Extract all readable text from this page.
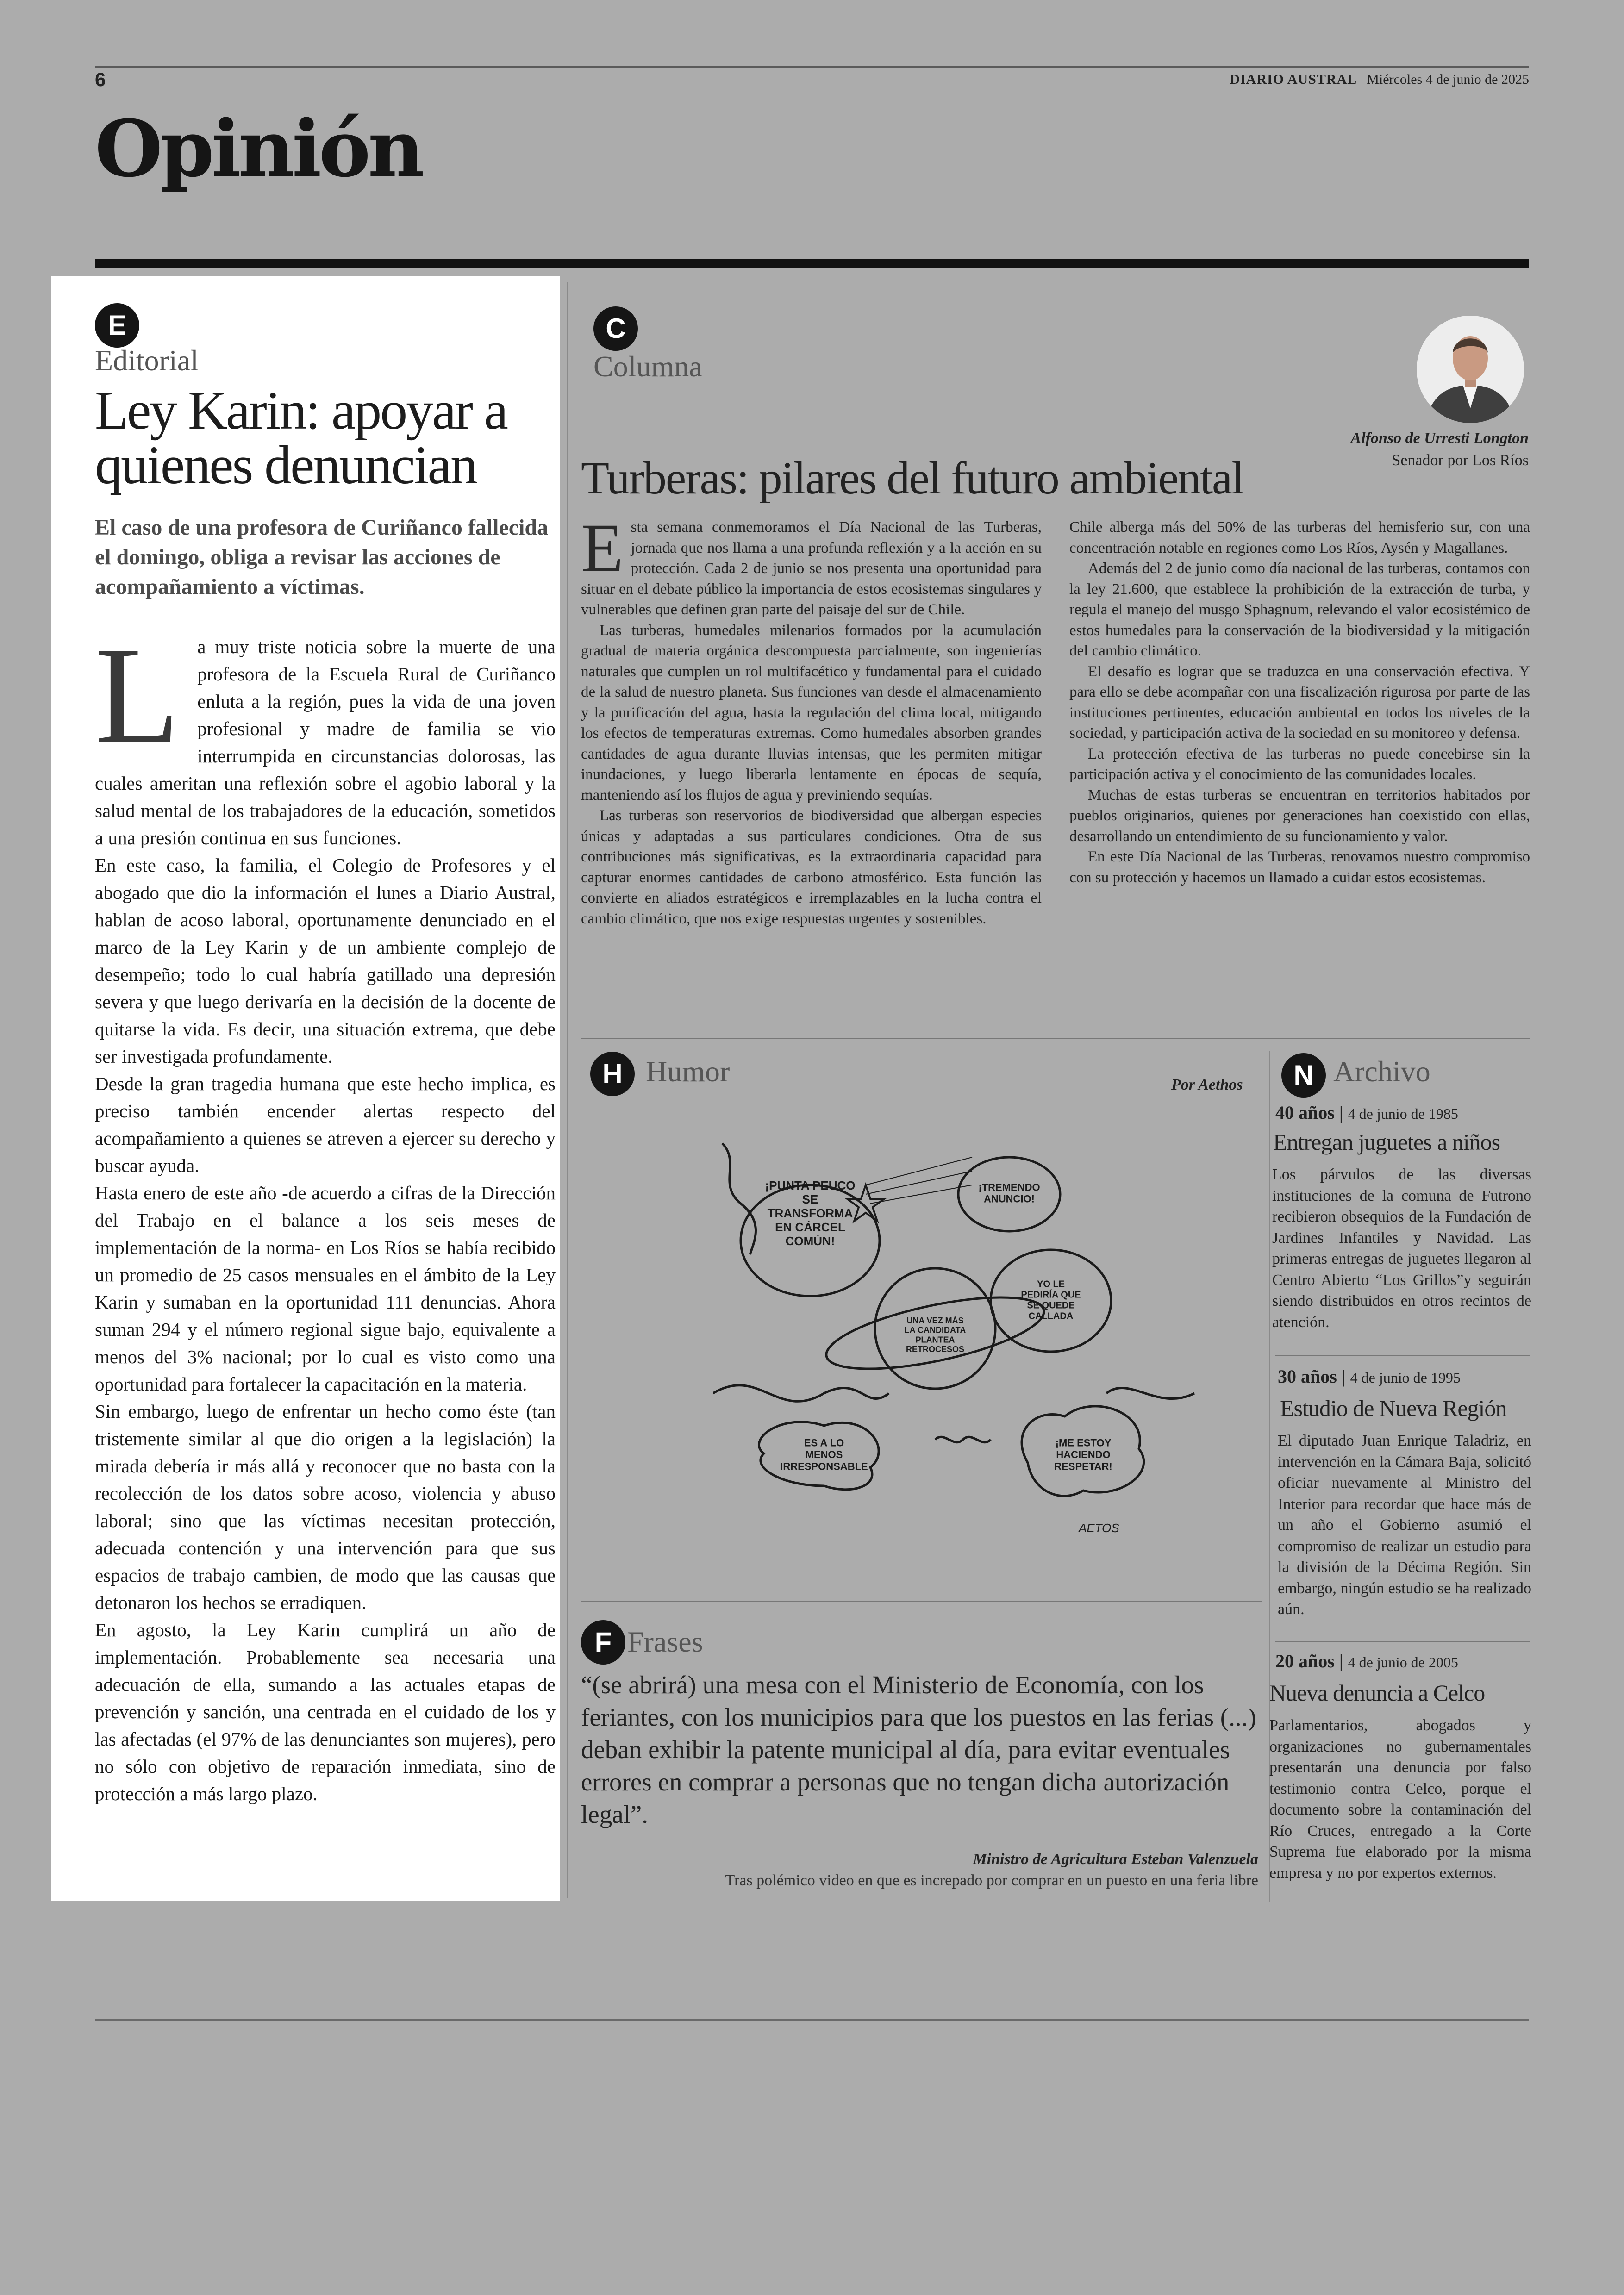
6	DIARIO AUSTRAL | Miércoles 4 de junio de 2025
Opinión
E
Editorial
Ley Karin: apoyar a quienes denuncian
El caso de una profesora de Curiñanco fallecida el domingo, obliga a revisar las acciones de acompañamiento a víctimas.
L a muy triste noticia sobre la muerte de una profesora de la Escuela Rural de Curiñanco enluta a la región, pues la vida de una joven profesional y madre de familia se vio interrumpida en circunstancias dolorosas, las cuales ameritan una reflexión sobre el agobio laboral y la salud mental de los trabajadores de la educación, sometidos a una presión continua en sus funciones.

En este caso, la familia, el Colegio de Profesores y el abogado que dio la información el lunes a Diario Austral, hablan de acoso laboral, oportunamente denunciado en el marco de la Ley Karin y de un ambiente complejo de desempeño; todo lo cual habría gatillado una depresión severa y que luego derivaría en la decisión de la docente de quitarse la vida. Es decir, una situación extrema, que debe ser investigada profundamente.

Desde la gran tragedia humana que este hecho implica, es preciso también encender alertas respecto del acompañamiento a quienes se atreven a ejercer su derecho y buscar ayuda.

Hasta enero de este año -de acuerdo a cifras de la Dirección del Trabajo en el balance a los seis meses de implementación de la norma- en Los Ríos se había recibido un promedio de 25 casos mensuales en el ámbito de la Ley Karin y sumaban en la oportunidad 111 denuncias. Ahora suman 294 y el número regional sigue bajo, equivalente a menos del 3% nacional; por lo cual es visto como una oportunidad para fortalecer la capacitación en la materia.

Sin embargo, luego de enfrentar un hecho como éste (tan tristemente similar al que dio origen a la legislación) la mirada debería ir más allá y reconocer que no basta con la recolección de los datos sobre acoso, violencia y abuso laboral; sino que las víctimas necesitan protección, adecuada contención y una intervención para que sus espacios de trabajo cambien, de modo que las causas que detonaron los hechos se erradiquen.

En agosto, la Ley Karin cumplirá un año de implementación. Probablemente sea necesaria una adecuación de ella, sumando a las actuales etapas de prevención y sanción, una centrada en el cuidado de los y las afectadas (el 97% de las denunciantes son mujeres), pero no sólo con objetivo de reparación inmediata, sino de protección a más largo plazo.

C
Columna
Alfonso de Urresti Longton
Senador por Los Ríos
Turberas: pilares del futuro ambiental
E sta semana conmemoramos el Día Nacional de las Turberas, jornada que nos llama a una profunda reflexión y a la acción en su protección. Cada 2 de junio se nos presenta una oportunidad para situar en el debate público la importancia de estos ecosistemas singulares y vulnerables que definen gran parte del paisaje del sur de Chile.

Las turberas, humedales milenarios formados por la acumulación gradual de materia orgánica descompuesta parcialmente, son ingenierías naturales que cumplen un rol multifacético y fundamental para el cuidado de la salud de nuestro planeta. Sus funciones van desde el almacenamiento y la purificación del agua, hasta la regulación del clima local, mitigando los efectos de temperaturas extremas. Como humedales absorben grandes cantidades de agua durante lluvias intensas, que les permiten mitigar inundaciones, y luego liberarla lentamente en épocas de sequía, manteniendo así los flujos de agua y previniendo sequías.

Las turberas son reservorios de biodiversidad que albergan especies únicas y adaptadas a sus particulares condiciones. Otra de sus contribuciones más significativas, es la extraordinaria capacidad para capturar enormes cantidades de carbono atmosférico. Esta función las convierte en aliados estratégicos e irremplazables en la lucha contra el cambio climático, que nos exige respuestas urgentes y sostenibles.

Chile alberga más del 50% de las turberas del hemisferio sur, con una concentración notable en regiones como Los Ríos, Aysén y Magallanes.

Además del 2 de junio como día nacional de las turberas, contamos con la ley 21.600, que establece la prohibición de la extracción de turba, y regula el manejo del musgo Sphagnum, relevando el valor ecosistémico de estos humedales para la conservación de la biodiversidad y la mitigación del cambio climático.

El desafío es lograr que se traduzca en una conservación efectiva. Y para ello se debe acompañar con una fiscalización rigurosa por parte de las instituciones pertinentes, educación ambiental en todos los niveles de la sociedad, y participación activa de la sociedad en su monitoreo y defensa.

La protección efectiva de las turberas no puede concebirse sin la participación activa y el conocimiento de las comunidades locales.

Muchas de estas turberas se encuentran en territorios habitados por pueblos originarios, quienes por generaciones han coexistido con ellas, desarrollando un entendimiento de su funcionamiento y valor.

En este Día Nacional de las Turberas, renovamos nuestro compromiso con su protección y hacemos un llamado a cuidar estos ecosistemas.

H Humor	Por Aethos
¡PUNTA PEUCO SE TRANSFORMA EN CÁRCEL COMÚN!
¡TREMENDO ANUNCIO!
YO LE PEDIRÍA QUE SE QUEDE CALLADA
UNA VEZ MÁS LA CANDIDATA PLANTEA RETROCESOS
ES A LO MENOS IRRESPONSABLE
¡ME ESTOY HACIENDO RESPETAR!
AETOS
F Frases
“(se abrirá) una mesa con el Ministerio de Economía, con los feriantes, con los municipios para que los puestos en las ferias (...) deban exhibir la patente municipal al día, para evitar eventuales errores en comprar a personas que no tengan dicha autorización legal”.
Ministro de Agricultura Esteban Valenzuela
Tras polémico video en que es increpado por comprar en un puesto en una feria libre
N Archivo
40 años | 4 de junio de 1985
Entregan juguetes a niños
Los párvulos de las diversas instituciones de la comuna de Futrono recibieron obsequios de la Fundación de Jardines Infantiles y Navidad. Las primeras entregas de juguetes llegaron al Centro Abierto “Los Grillos”y seguirán siendo distribuidos en otros recintos de atención.
30 años | 4 de junio de 1995
Estudio de Nueva Región
El diputado Juan Enrique Taladriz, en intervención en la Cámara Baja, solicitó oficiar nuevamente al Ministro del Interior para recordar que hace más de un año el Gobierno asumió el compromiso de realizar un estudio para la división de la Décima Región. Sin embargo, ningún estudio se ha realizado aún.
20 años | 4 de junio de 2005
Nueva denuncia a Celco
Parlamentarios, abogados y organizaciones no gubernamentales presentarán una denuncia por falso testimonio contra Celco, porque el documento sobre la contaminación del Río Cruces, entregado a la Corte Suprema fue elaborado por la misma empresa y no por expertos externos.
